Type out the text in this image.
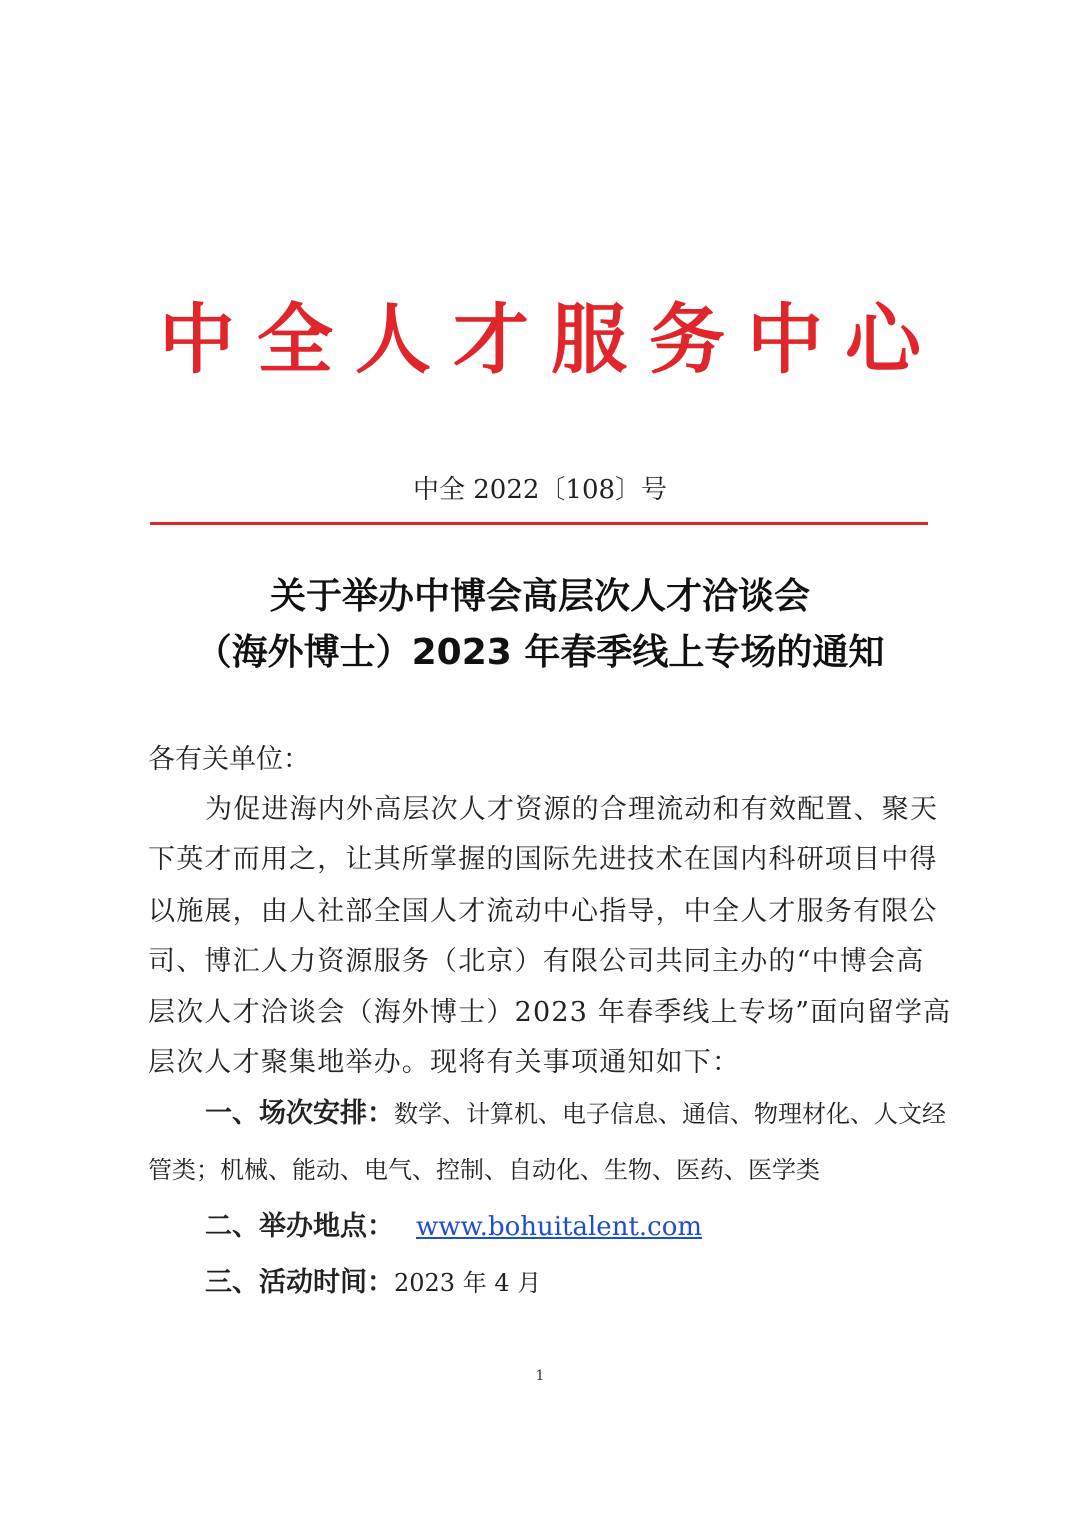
中全人才服务中心
中全 2022〔108〕号
关于举办中博会高层次人才洽谈会
（海外博士）2023 年春季线上专场的通知
各有关单位：
为促进海内外高层次人才资源的合理流动和有效配置、聚天
下英才而用之，让其所掌握的国际先进技术在国内科研项目中得
以施展，由人社部全国人才流动中心指导，中全人才服务有限公
司、博汇人力资源服务（北京）有限公司共同主办的“中博会高
层次人才洽谈会（海外博士）2023 年春季线上专场”面向留学高
层次人才聚集地举办。现将有关事项通知如下：
一、场次安排：数学、计算机、电子信息、通信、物理材化、人文经
管类；机械、能动、电气、控制、自动化、生物、医药、医学类
二、举办地点： www.bohuitalent.com
三、活动时间：2023 年 4 月
1
